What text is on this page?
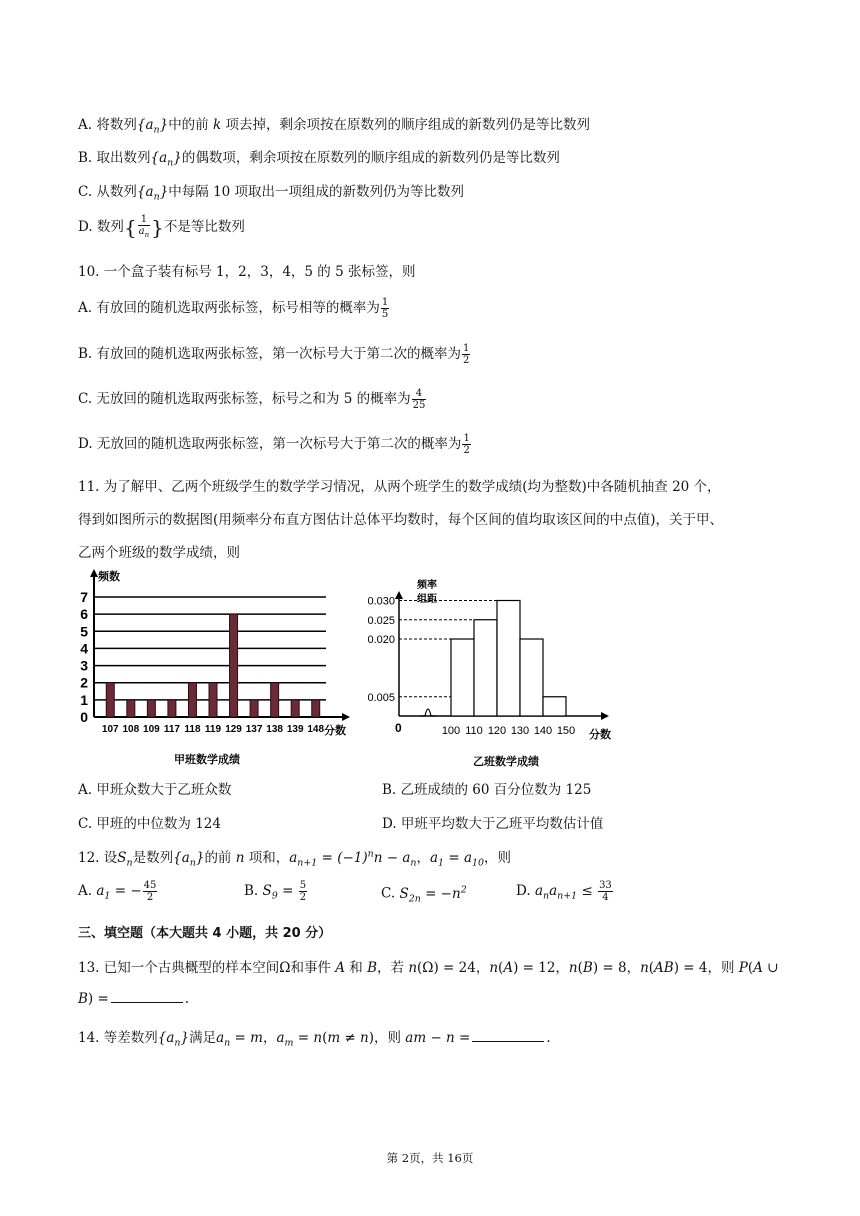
A. 将数列$\{a_n\}$中的前 k 项去掉，剩余项按在原数列的顺序组成的新数列仍是等比数列
B. 取出数列$\{a_n\}$的偶数项，剩余项按在原数列的顺序组成的新数列仍是等比数列
C. 从数列$\{a_n\}$中每隔 10 项取出一项组成的新数列仍为等比数列
D. 数列{ $\frac{1}{a_n}$ }不是等比数列
10. 一个盒子装有标号 1，2，3，4，5 的 5 张标签，则
A. 有放回的随机选取两张标签，标号相等的概率为 $\frac{1}{5}$
B. 有放回的随机选取两张标签，第一次标号大于第二次的概率为 $\frac{1}{2}$
C. 无放回的随机选取两张标签，标号之和为 5 的概率为 $\frac{4}{25}$
D. 无放回的随机选取两张标签，第一次标号大于第二次的概率为 $\frac{1}{2}$
11. 为了解甲、乙两个班级学生的数学学习情况，从两个班学生的数学成绩(均为整数)中各随机抽查 20 个，
得到如图所示的数据图(用频率分布直方图估计总体平均数时，每个区间的值均取该区间的中点值)，关于甲、
乙两个班级的数学成绩，则
频数
分数
甲班数学成绩
0
1
2
3
4
5
6
7
107 108 109 117 118 119 129 137 138 139 148
频率
组距
0	分数
乙班数学成绩
0.030
0.025
0.020
0.005
100 110 120 130 140 150
A. 甲班众数大于乙班众数	B. 乙班成绩的 60 百分位数为 125
C. 甲班的中位数为 124	D. 甲班平均数大于乙班平均数估计值
12. 设$S_n$是数列$\{a_n\}$的前 n 项和，$a_{n+1} = (-1)^nn - a_n$，$a_1 = a_{10}$，则
A. $a_1$ = − $\frac{45}{2}$	B. $S_9 = \frac{5}{2}$	C. $S_{2n} = -n^2$	D. $a_na_{n+1} \le \frac{33}{4}$
三、填空题（本大题共 4 小题，共 20 分）
13. 已知一个古典概型的样本空间Ω和事件 A 和 B，若 n(Ω) = 24，n(A) = 12，n(B) = 8，n(AB) = 4，则 P(A ∪
B) =	.
14. 等差数列$\{a_n\}$满足$a_n = m$，$a_m = n(m \ne n)$，则 am − n =	.
第 2页，共 16页
